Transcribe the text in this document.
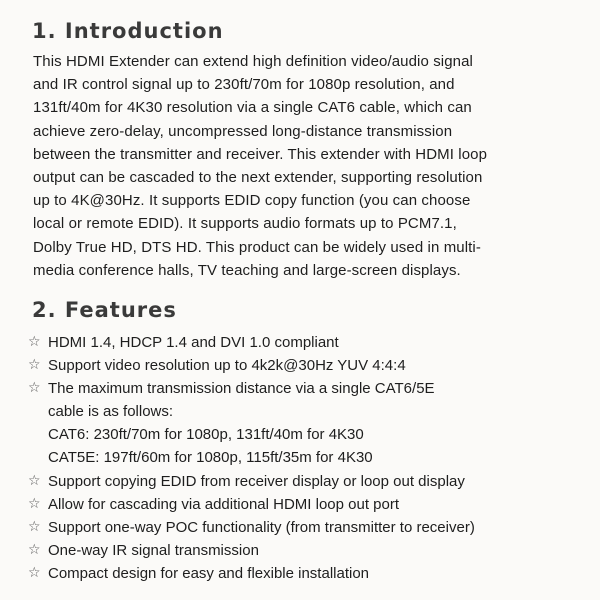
1. Introduction

This HDMI Extender can extend high definition video/audio signal
and IR control signal up to 230ft/70m for 1080p resolution, and
131ft/40m for 4K30 resolution via a single CAT6 cable, which can
achieve zero-delay, uncompressed long-distance transmission
between the transmitter and receiver. This extender with HDMI loop
output can be cascaded to the next extender, supporting resolution
up to 4K@30Hz. It supports EDID copy function (you can choose
local or remote EDID). It supports audio formats up to PCM7.1,
Dolby True HD, DTS HD. This product can be widely used in multi-
media conference halls, TV teaching and large-screen displays.

2. Features
☆ HDMI 1.4, HDCP 1.4 and DVI 1.0 compliant
☆ Support video resolution up to 4k2k@30Hz YUV 4:4:4
☆ The maximum transmission distance via a single CAT6/5E
cable is as follows:
CAT6: 230ft/70m for 1080p, 131ft/40m for 4K30
CAT5E: 197ft/60m for 1080p, 115ft/35m for 4K30
☆ Support copying EDID from receiver display or loop out display
☆ Allow for cascading via additional HDMI loop out port
☆ Support one-way POC functionality (from transmitter to receiver)
☆ One-way IR signal transmission
☆ Compact design for easy and flexible installation
